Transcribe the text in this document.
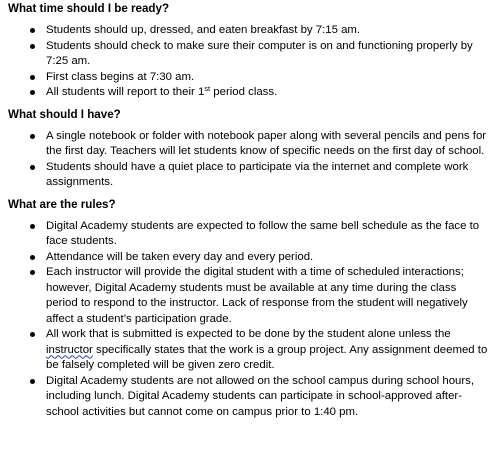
What time should I be ready?
Students should up, dressed, and eaten breakfast by 7:15 am.
Students should check to make sure their computer is on and functioning properly by 7:25 am.
First class begins at 7:30 am.
All students will report to their 1st period class.
What should I have?
A single notebook or folder with notebook paper along with several pencils and pens for the first day. Teachers will let students know of specific needs on the first day of school.
Students should have a quiet place to participate via the internet and complete work assignments.
What are the rules?
Digital Academy students are expected to follow the same bell schedule as the face to face students.
Attendance will be taken every day and every period.
Each instructor will provide the digital student with a time of scheduled interactions; however, Digital Academy students must be available at any time during the class period to respond to the instructor. Lack of response from the student will negatively affect a student’s participation grade.
All work that is submitted is expected to be done by the student alone unless the instructor specifically states that the work is a group project. Any assignment deemed to be falsely completed will be given zero credit.
Digital Academy students are not allowed on the school campus during school hours, including lunch. Digital Academy students can participate in school-approved after-school activities but cannot come on campus prior to 1:40 pm.
